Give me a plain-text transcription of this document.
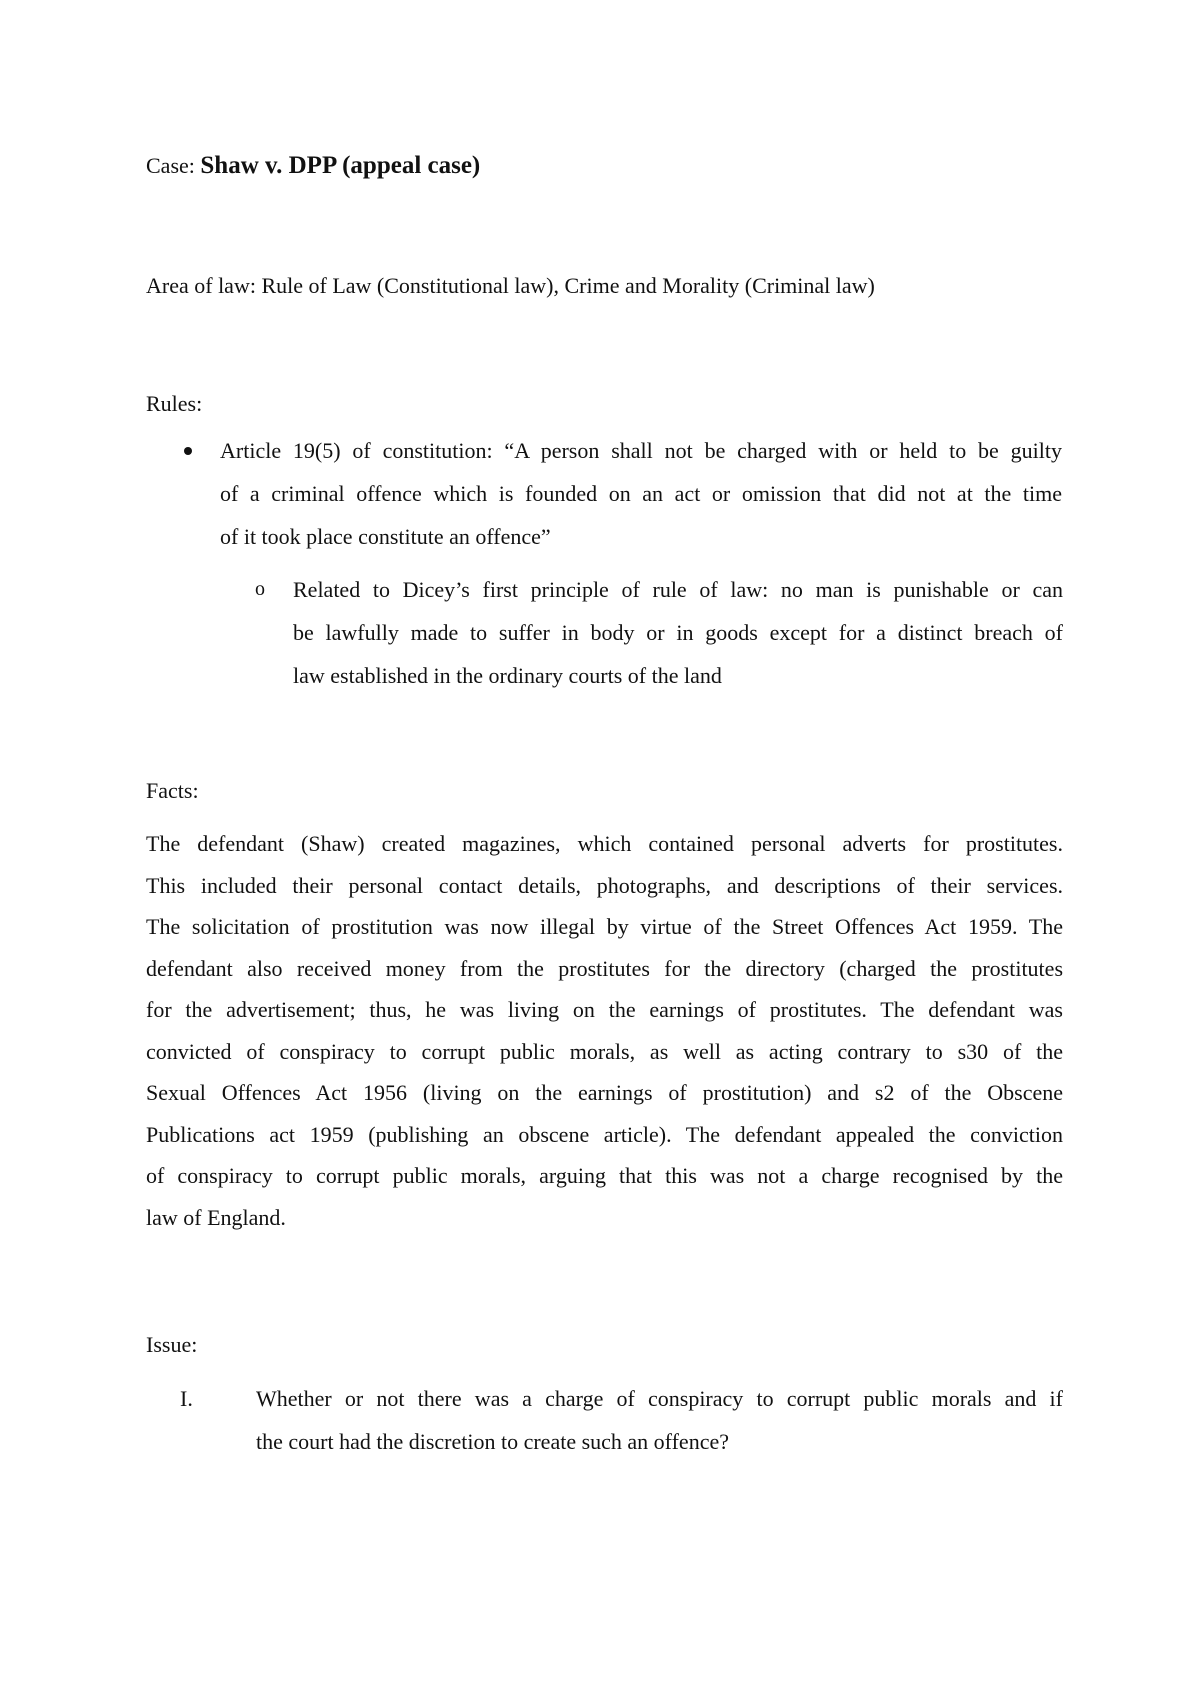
Case: Shaw v. DPP (appeal case)
Area of law: Rule of Law (Constitutional law), Crime and Morality (Criminal law)
Rules:
Article 19(5) of constitution: “A person shall not be charged with or held to be guilty
of a criminal offence which is founded on an act or omission that did not at the time
of it took place constitute an offence”
o Related to Dicey’s first principle of rule of law: no man is punishable or can
be lawfully made to suffer in body or in goods except for a distinct breach of
law established in the ordinary courts of the land
Facts:
The defendant (Shaw) created magazines, which contained personal adverts for prostitutes.
This included their personal contact details, photographs, and descriptions of their services.
The solicitation of prostitution was now illegal by virtue of the Street Offences Act 1959. The
defendant also received money from the prostitutes for the directory (charged the prostitutes
for the advertisement; thus, he was living on the earnings of prostitutes. The defendant was
convicted of conspiracy to corrupt public morals, as well as acting contrary to s30 of the
Sexual Offences Act 1956 (living on the earnings of prostitution) and s2 of the Obscene
Publications act 1959 (publishing an obscene article). The defendant appealed the conviction
of conspiracy to corrupt public morals, arguing that this was not a charge recognised by the
law of England.
Issue:
I.	Whether or not there was a charge of conspiracy to corrupt public morals and if
the court had the discretion to create such an offence?
